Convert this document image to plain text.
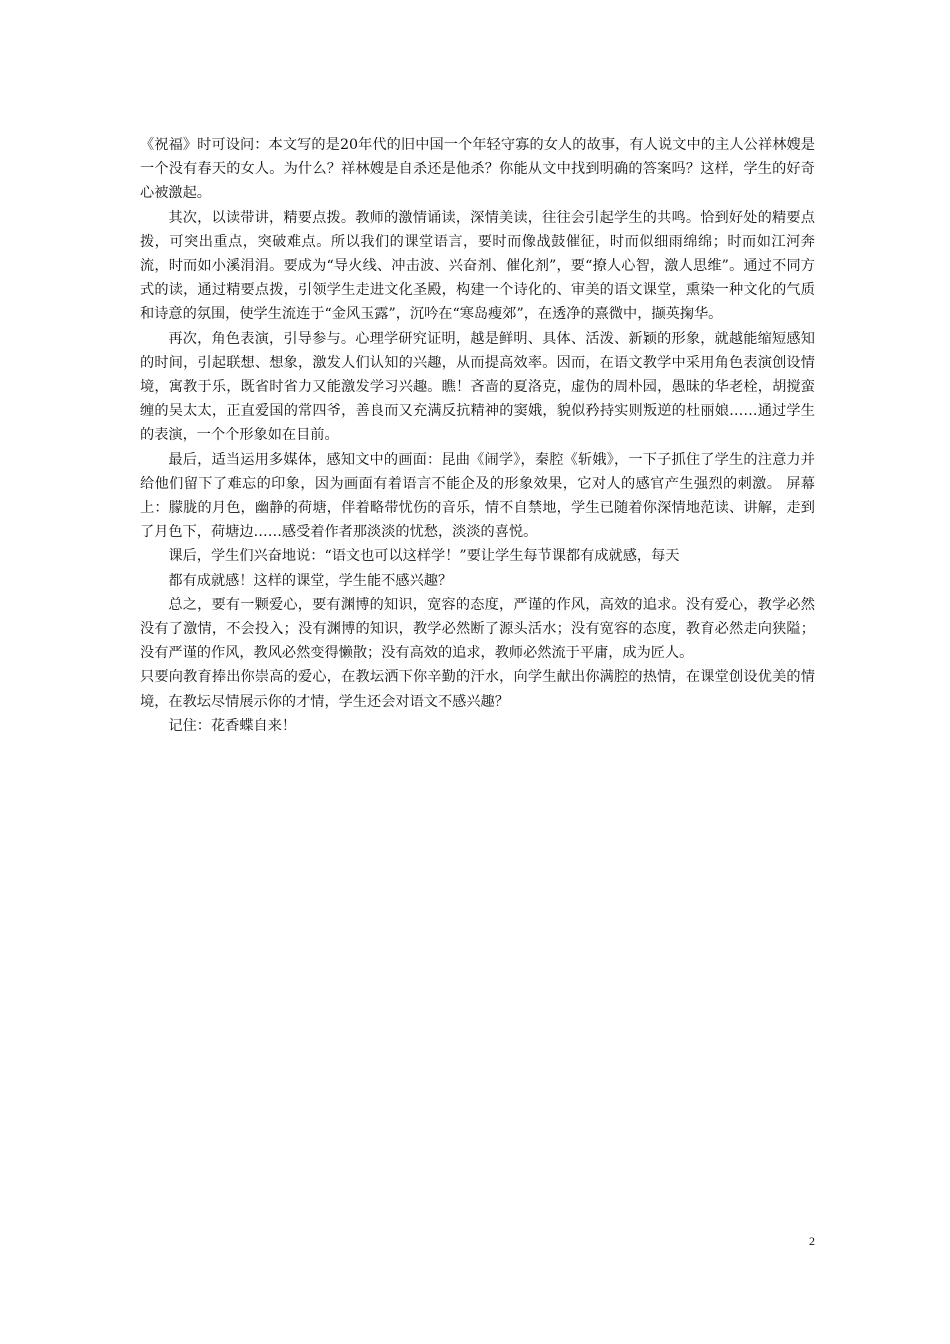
《祝福》时可设问：本文写的是20年代的旧中国一个年轻守寡的女人的故事，有人说文中的主人公祥林嫂是一个没有春天的女人。为什么？祥林嫂是自杀还是他杀？你能从文中找到明确的答案吗？这样，学生的好奇心被激起。

其次，以读带讲，精要点拨。教师的激情诵读，深情美读，往往会引起学生的共鸣。恰到好处的精要点拨，可突出重点，突破难点。所以我们的课堂语言，要时而像战鼓催征，时而似细雨绵绵；时而如江河奔流，时而如小溪涓涓。要成为“导火线、冲击波、兴奋剂、催化剂”，要“撩人心智，激人思维”。通过不同方式的读，通过精要点拨，引领学生走进文化圣殿，构建一个诗化的、审美的语文课堂，熏染一种文化的气质和诗意的氛围，使学生流连于“金风玉露”，沉吟在“寒岛瘦郊”，在透净的熹微中，撷英掬华。

再次，角色表演，引导参与。心理学研究证明，越是鲜明、具体、活泼、新颖的形象，就越能缩短感知的时间，引起联想、想象，激发人们认知的兴趣，从而提高效率。因而，在语文教学中采用角色表演创设情境，寓教于乐，既省时省力又能激发学习兴趣。瞧！吝啬的夏洛克，虚伪的周朴园，愚昧的华老栓，胡搅蛮缠的吴太太，正直爱国的常四爷，善良而又充满反抗精神的窦娥，貌似矜持实则叛逆的杜丽娘……通过学生的表演，一个个形象如在目前。

最后，适当运用多媒体，感知文中的画面：昆曲《闹学》，秦腔《斩娥》，一下子抓住了学生的注意力并给他们留下了难忘的印象，因为画面有着语言不能企及的形象效果，它对人的感官产生强烈的刺激。 屏幕上：朦胧的月色，幽静的荷塘，伴着略带忧伤的音乐，情不自禁地，学生已随着你深情地范读、讲解，走到了月色下，荷塘边……感受着作者那淡淡的忧愁，淡淡的喜悦。

课后，学生们兴奋地说：“语文也可以这样学！”要让学生每节课都有成就感，每天

都有成就感！这样的课堂，学生能不感兴趣？

总之，要有一颗爱心，要有渊博的知识，宽容的态度，严谨的作风，高效的追求。没有爱心，教学必然没有了激情，不会投入；没有渊博的知识，教学必然断了源头活水；没有宽容的态度，教育必然走向狭隘；没有严谨的作风，教风必然变得懒散；没有高效的追求，教师必然流于平庸，成为匠人。

只要向教育捧出你崇高的爱心，在教坛洒下你辛勤的汗水，向学生献出你满腔的热情，在课堂创设优美的情境，在教坛尽情展示你的才情，学生还会对语文不感兴趣？

记住：花香蝶自来！

2
